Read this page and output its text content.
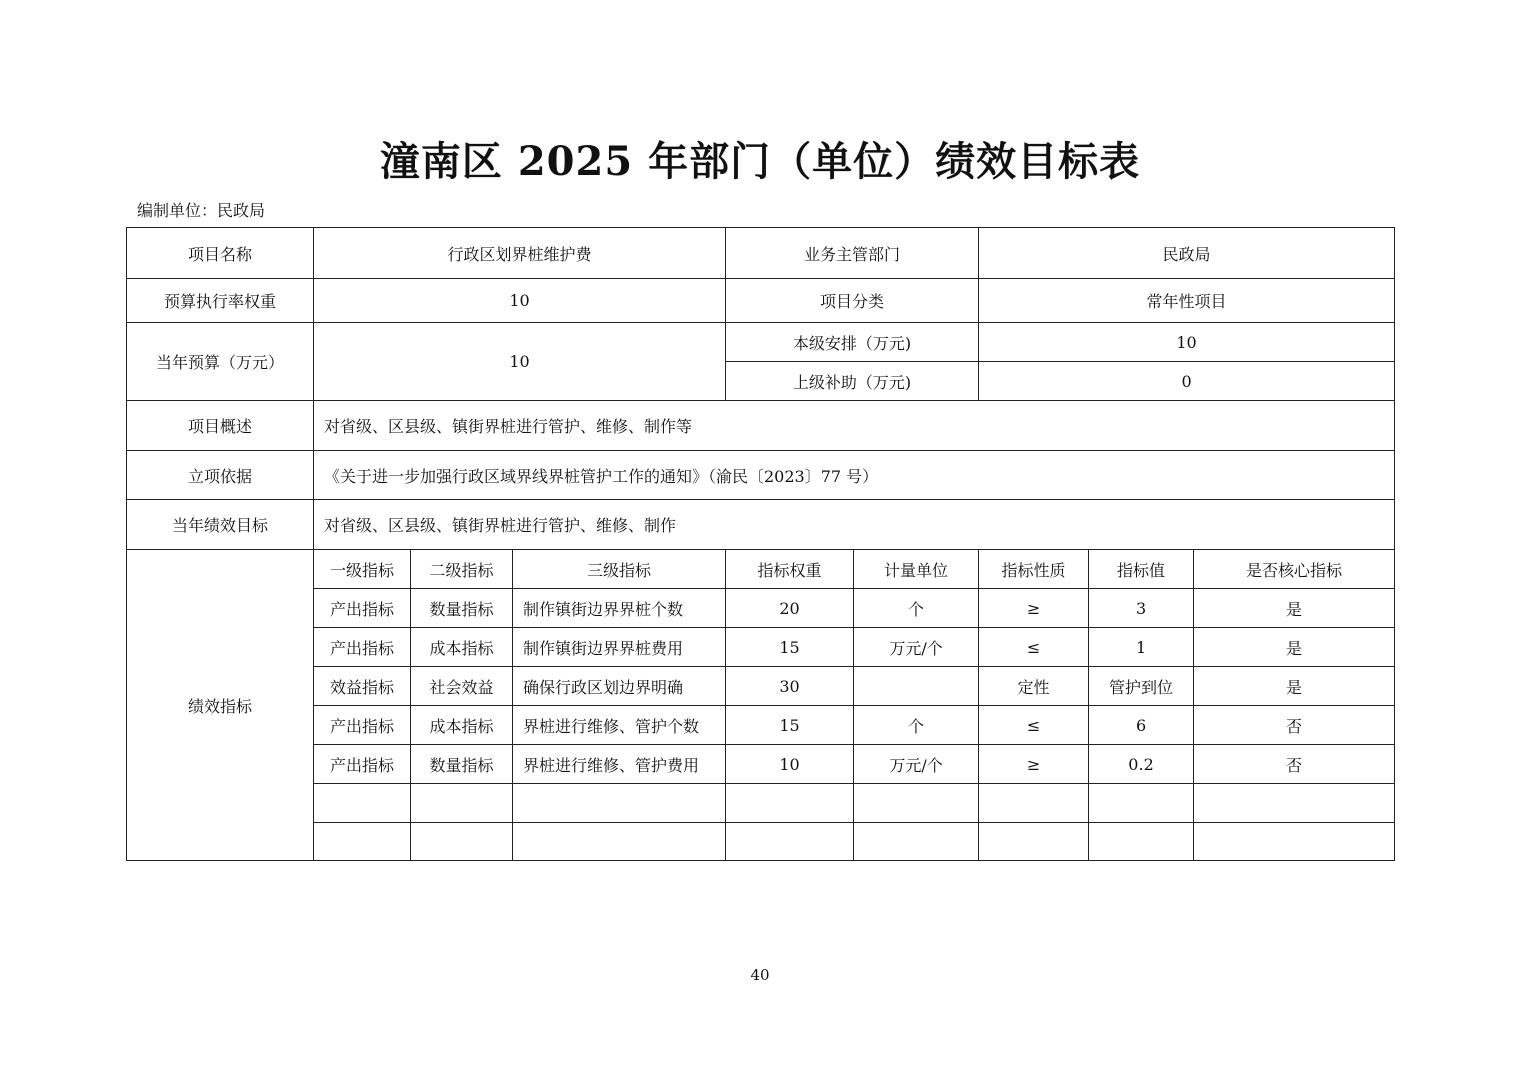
潼南区 2025 年部门（单位）绩效目标表
编制单位：民政局
项目名称	行政区划界桩维护费			业务主管部门		民政局		
预算执行率权重	10			项目分类		常年性项目		
当年预算（万元）	10			本级安排（万元)		10		
				上级补助（万元)		0		
项目概述	对省级、区县级、镇街界桩进行管护、维修、制作等							
立项依据	《关于进一步加强行政区域界线界桩管护工作的通知》（渝民〔2023〕77 号）							
当年绩效目标	对省级、区县级、镇街界桩进行管护、维修、制作							
绩效指标	一级指标	二级指标	三级指标	指标权重	计量单位	指标性质	指标值	是否核心指标
	产出指标	数量指标	制作镇街边界界桩个数	20	个	≥	3	是
	产出指标	成本指标	制作镇街边界界桩费用	15	万元/个	≤	1	是
	效益指标	社会效益	确保行政区划边界明确	30		定性	管护到位	是
	产出指标	成本指标	界桩进行维修、管护个数	15	个	≤	6	否
	产出指标	数量指标	界桩进行维修、管护费用	10	万元/个	≥	0.2	否

40
